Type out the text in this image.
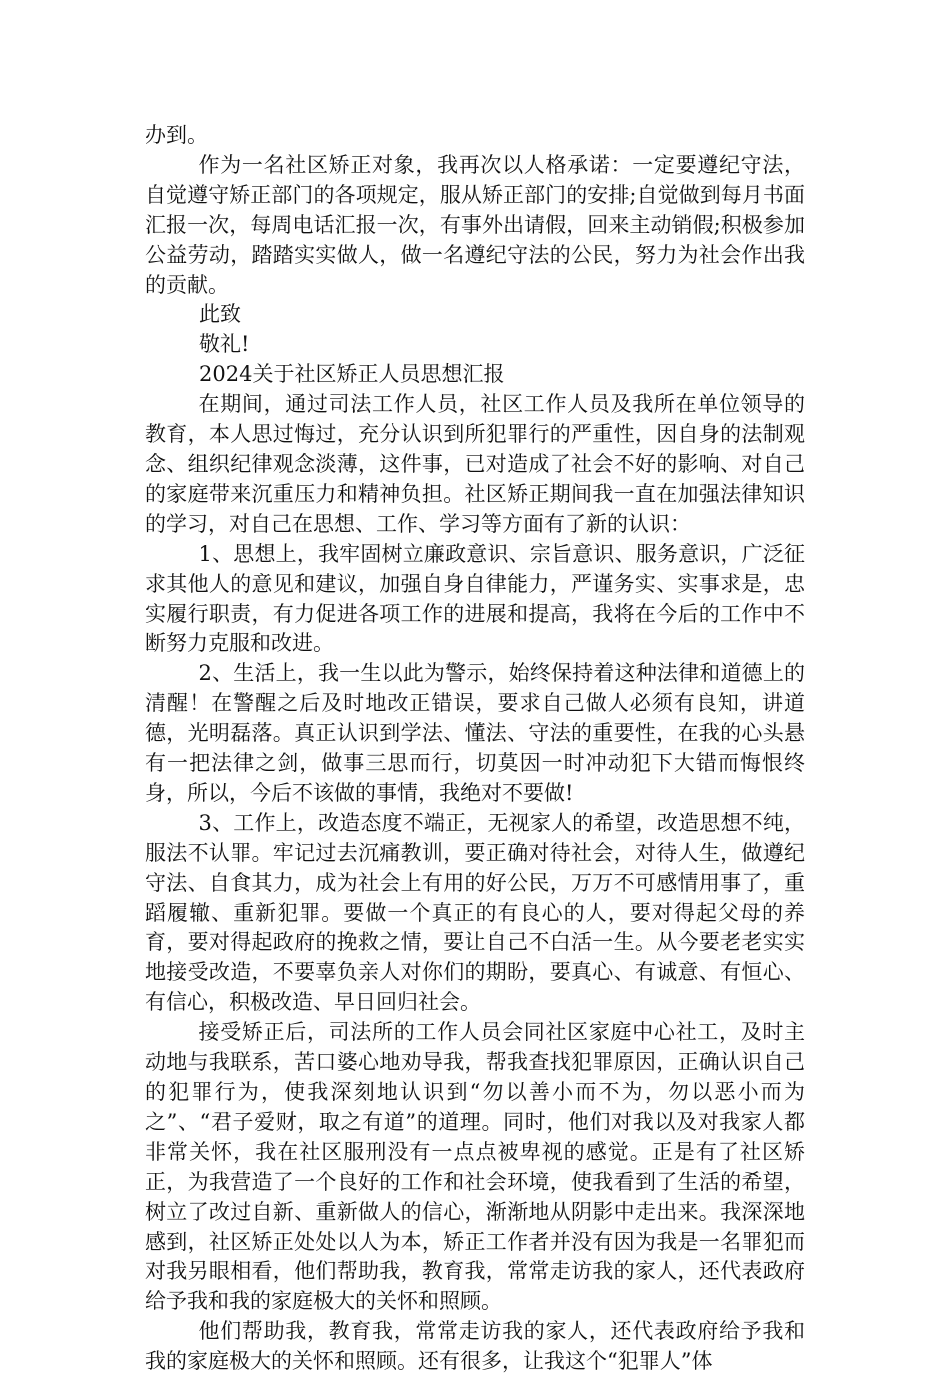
办到。

作为一名社区矫正对象，我再次以人格承诺：一定要遵纪守法，自觉遵守矫正部门的各项规定，服从矫正部门的安排;自觉做到每月书面汇报一次，每周电话汇报一次，有事外出请假，回来主动销假;积极参加公益劳动，踏踏实实做人，做一名遵纪守法的公民，努力为社会作出我的贡献。

此致

敬礼!

2024关于社区矫正人员思想汇报

在期间，通过司法工作人员，社区工作人员及我所在单位领导的教育，本人思过悔过，充分认识到所犯罪行的严重性，因自身的法制观念、组织纪律观念淡薄，这件事，已对造成了社会不好的影响、对自己的家庭带来沉重压力和精神负担。社区矫正期间我一直在加强法律知识的学习，对自己在思想、工作、学习等方面有了新的认识：

1、思想上，我牢固树立廉政意识、宗旨意识、服务意识，广泛征求其他人的意见和建议，加强自身自律能力，严谨务实、实事求是，忠实履行职责，有力促进各项工作的进展和提高，我将在今后的工作中不断努力克服和改进。

2、生活上，我一生以此为警示，始终保持着这种法律和道德上的清醒！在警醒之后及时地改正错误，要求自己做人必须有良知，讲道德，光明磊落。真正认识到学法、懂法、守法的重要性，在我的心头悬有一把法律之剑，做事三思而行，切莫因一时冲动犯下大错而悔恨终身，所以，今后不该做的事情，我绝对不要做!

3、工作上，改造态度不端正，无视家人的希望，改造思想不纯，服法不认罪。牢记过去沉痛教训，要正确对待社会，对待人生，做遵纪守法、自食其力，成为社会上有用的好公民，万万不可感情用事了，重蹈履辙、重新犯罪。要做一个真正的有良心的人，要对得起父母的养育，要对得起政府的挽救之情，要让自己不白活一生。从今要老老实实地接受改造，不要辜负亲人对你们的期盼，要真心、有诚意、有恒心、有信心，积极改造、早日回归社会。

接受矫正后，司法所的工作人员会同社区家庭中心社工，及时主动地与我联系，苦口婆心地劝导我，帮我查找犯罪原因，正确认识自己的犯罪行为，使我深刻地认识到“勿以善小而不为，勿以恶小而为之”、“君子爱财，取之有道”的道理。同时，他们对我以及对我家人都非常关怀，我在社区服刑没有一点点被卑视的感觉。正是有了社区矫正，为我营造了一个良好的工作和社会环境，使我看到了生活的希望，树立了改过自新、重新做人的信心，渐渐地从阴影中走出来。我深深地感到，社区矫正处处以人为本，矫正工作者并没有因为我是一名罪犯而对我另眼相看，他们帮助我，教育我，常常走访我的家人，还代表政府给予我和我的家庭极大的关怀和照顾。

他们帮助我，教育我，常常走访我的家人，还代表政府给予我和我的家庭极大的关怀和照顾。还有很多，让我这个“犯罪人”体
